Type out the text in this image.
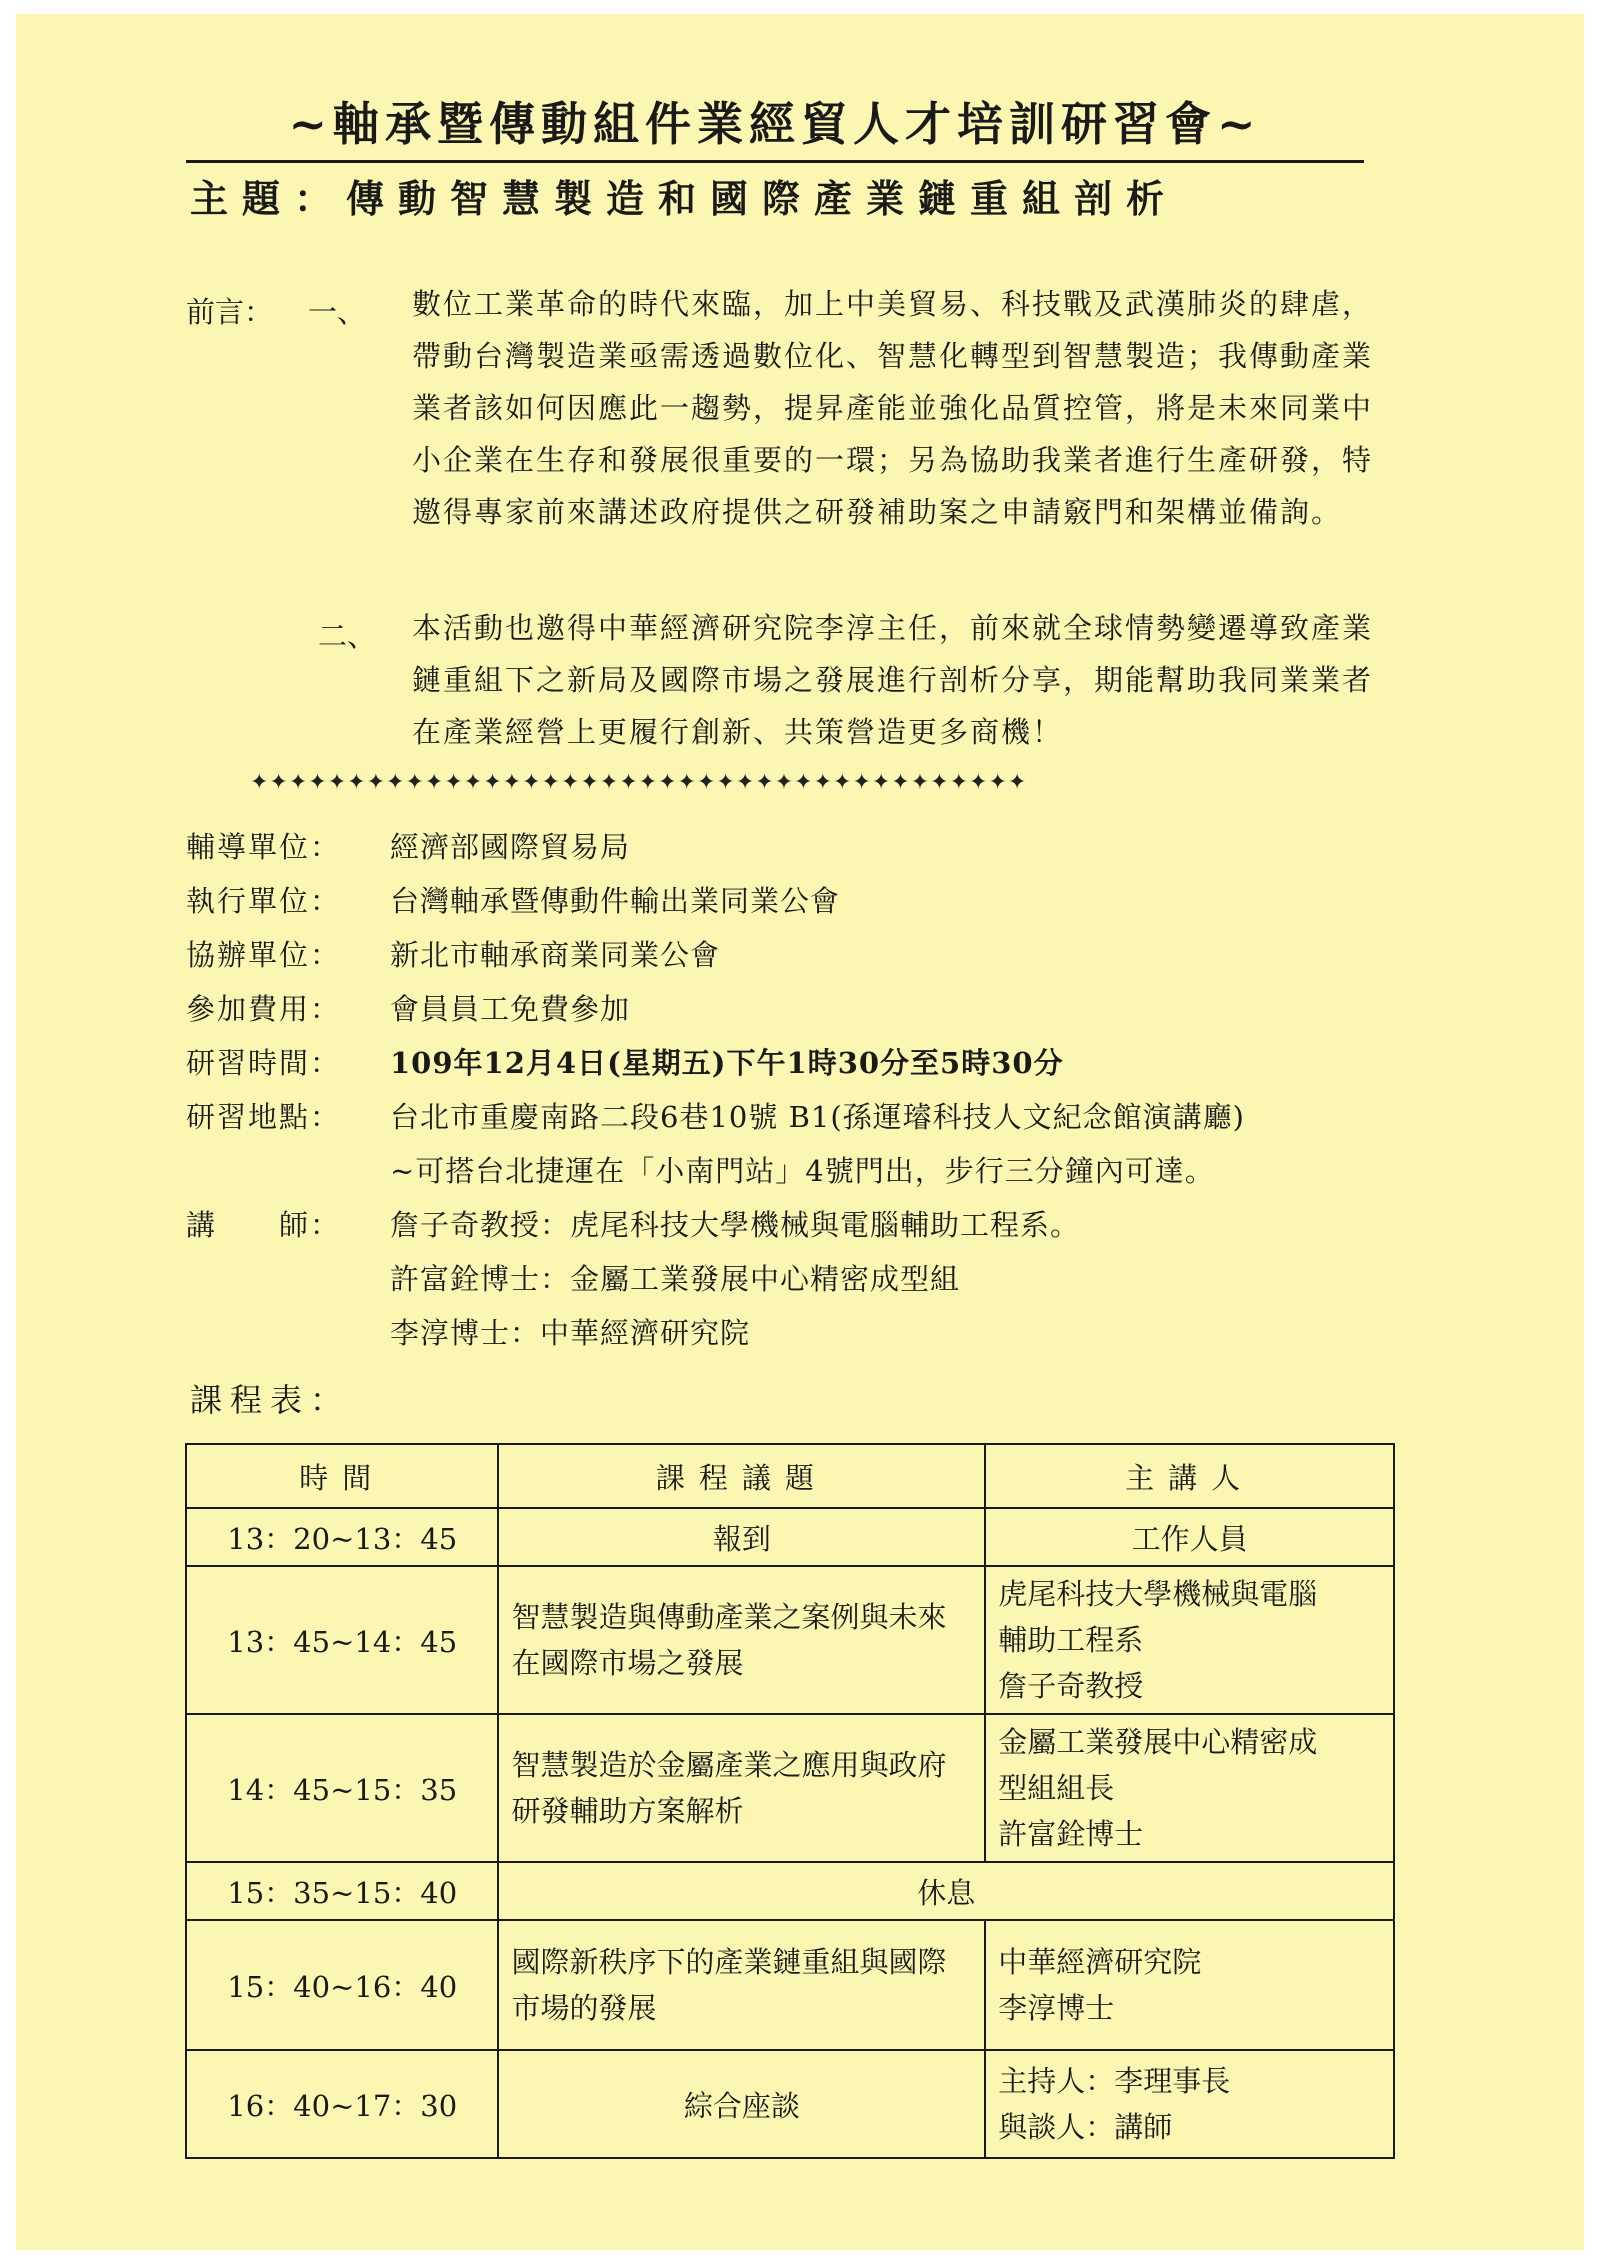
~軸承暨傳動組件業經貿人才培訓研習會~
主題：傳動智慧製造和國際產業鏈重組剖析
前言： 一、 數位工業革命的時代來臨，加上中美貿易、科技戰及武漢肺炎的肆虐，帶動台灣製造業亟需透過數位化、智慧化轉型到智慧製造；我傳動產業業者該如何因應此一趨勢，提昇產能並強化品質控管，將是未來同業中小企業在生存和發展很重要的一環；另為協助我業者進行生產研發，特邀得專家前來講述政府提供之研發補助案之申請竅門和架構並備詢。
二、 本活動也邀得中華經濟研究院李淳主任，前來就全球情勢變遷導致產業鏈重組下之新局及國際市場之發展進行剖析分享，期能幫助我同業業者在產業經營上更履行創新、共策營造更多商機！
✦✦✦✦✦✦✦✦✦✦✦✦✦✦✦✦✦✦✦✦✦✦✦✦✦✦✦✦✦✦✦✦✦✦✦✦✦✦✦✦
輔導單位： 經濟部國際貿易局
執行單位： 台灣軸承暨傳動件輸出業同業公會
協辦單位： 新北市軸承商業同業公會
參加費用： 會員員工免費參加
研習時間： 109年12月4日(星期五)下午1時30分至5時30分
研習地點： 台北市重慶南路二段6巷10號 B1(孫運璿科技人文紀念館演講廳)
~可搭台北捷運在「小南門站」4號門出，步行三分鐘內可達。
講　　師： 詹子奇教授：虎尾科技大學機械與電腦輔助工程系。
許富銓博士：金屬工業發展中心精密成型組
李淳博士：中華經濟研究院
課程表：
時間	課程議題	主講人
13：20~13：45	報到	工作人員
13：45~14：45	智慧製造與傳動產業之案例與未來在國際市場之發展	虎尾科技大學機械與電腦
輔助工程系
詹子奇教授

14：45~15：35	智慧製造於金屬產業之應用與政府研發輔助方案解析	金屬工業發展中心精密成
型組組長
許富銓博士

15：35~15：40	休息	
15：40~16：40	國際新秩序下的產業鏈重組與國際市場的發展	中華經濟研究院
李淳博士

16：40~17：30	綜合座談	主持人：李理事長
與談人：講師
